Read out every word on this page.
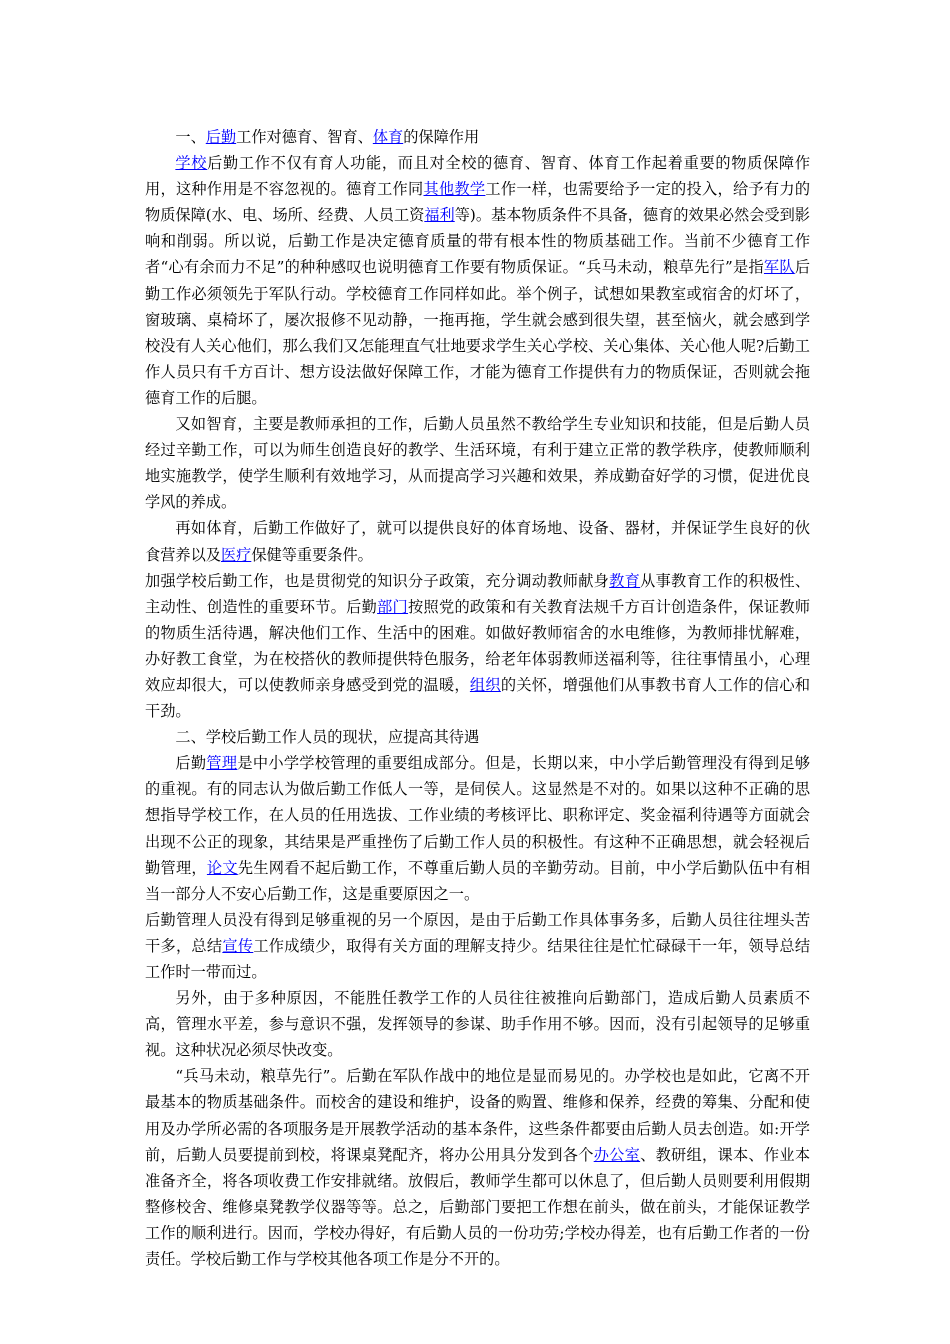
一、后勤工作对德育、智育、体育的保障作用

学校后勤工作不仅有育人功能，而且对全校的德育、智育、体育工作起着重要的物质保障作用，这种作用是不容忽视的。德育工作同其他教学工作一样，也需要给予一定的投入，给予有力的物质保障(水、电、场所、经费、人员工资福利等)。基本物质条件不具备，德育的效果必然会受到影响和削弱。所以说，后勤工作是决定德育质量的带有根本性的物质基础工作。当前不少德育工作者“心有余而力不足”的种种感叹也说明德育工作要有物质保证。“兵马未动，粮草先行”是指军队后勤工作必须领先于军队行动。学校德育工作同样如此。举个例子，试想如果教室或宿舍的灯坏了，窗玻璃、桌椅坏了，屡次报修不见动静，一拖再拖，学生就会感到很失望，甚至恼火，就会感到学校没有人关心他们，那么我们又怎能理直气壮地要求学生关心学校、关心集体、关心他人呢?后勤工作人员只有千方百计、想方设法做好保障工作，才能为德育工作提供有力的物质保证，否则就会拖德育工作的后腿。

又如智育，主要是教师承担的工作，后勤人员虽然不教给学生专业知识和技能，但是后勤人员经过辛勤工作，可以为师生创造良好的教学、生活环境，有利于建立正常的教学秩序，使教师顺利地实施教学，使学生顺利有效地学习，从而提高学习兴趣和效果，养成勤奋好学的习惯，促进优良学风的养成。

再如体育，后勤工作做好了，就可以提供良好的体育场地、设备、器材，并保证学生良好的伙食营养以及医疗保健等重要条件。

加强学校后勤工作，也是贯彻党的知识分子政策，充分调动教师献身教育从事教育工作的积极性、主动性、创造性的重要环节。后勤部门按照党的政策和有关教育法规千方百计创造条件，保证教师的物质生活待遇，解决他们工作、生活中的困难。如做好教师宿舍的水电维修，为教师排忧解难，办好教工食堂，为在校搭伙的教师提供特色服务，给老年体弱教师送福利等，往往事情虽小，心理效应却很大，可以使教师亲身感受到党的温暖，组织的关怀，增强他们从事教书育人工作的信心和干劲。

二、学校后勤工作人员的现状，应提高其待遇

后勤管理是中小学学校管理的重要组成部分。但是，长期以来，中小学后勤管理没有得到足够的重视。有的同志认为做后勤工作低人一等，是伺侯人。这显然是不对的。如果以这种不正确的思想指导学校工作，在人员的任用选拔、工作业绩的考核评比、职称评定、奖金福利待遇等方面就会出现不公正的现象，其结果是严重挫伤了后勤工作人员的积极性。有这种不正确思想，就会轻视后勤管理，论文先生网看不起后勤工作，不尊重后勤人员的辛勤劳动。目前，中小学后勤队伍中有相当一部分人不安心后勤工作，这是重要原因之一。

后勤管理人员没有得到足够重视的另一个原因，是由于后勤工作具体事务多，后勤人员往往埋头苦干多，总结宣传工作成绩少，取得有关方面的理解支持少。结果往往是忙忙碌碌干一年，领导总结工作时一带而过。

另外，由于多种原因，不能胜任教学工作的人员往往被推向后勤部门，造成后勤人员素质不高，管理水平差，参与意识不强，发挥领导的参谋、助手作用不够。因而，没有引起领导的足够重视。这种状况必须尽快改变。

“兵马未动，粮草先行”。后勤在军队作战中的地位是显而易见的。办学校也是如此，它离不开最基本的物质基础条件。而校舍的建设和维护，设备的购置、维修和保养，经费的筹集、分配和使用及办学所必需的各项服务是开展教学活动的基本条件，这些条件都要由后勤人员去创造。如:开学前，后勤人员要提前到校，将课桌凳配齐，将办公用具分发到各个办公室、教研组，课本、作业本准备齐全，将各项收费工作安排就绪。放假后，教师学生都可以休息了，但后勤人员则要利用假期整修校舍、维修桌凳教学仪器等等。总之，后勤部门要把工作想在前头，做在前头，才能保证教学工作的顺利进行。因而，学校办得好，有后勤人员的一份功劳;学校办得差，也有后勤工作者的一份责任。学校后勤工作与学校其他各项工作是分不开的。
